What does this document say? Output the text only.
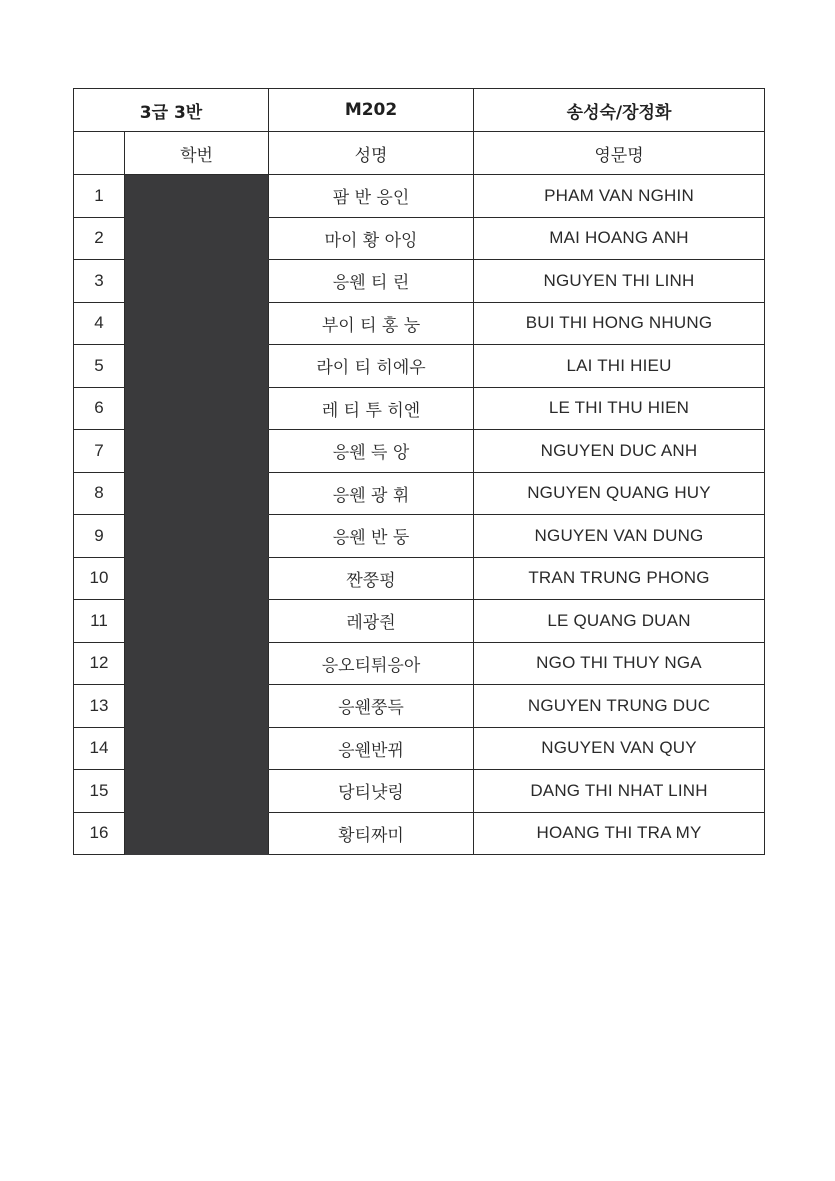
3급 3반		M202	송성숙/장정화
	학번	성명	영문명
1		팜 반 응인	PHAM VAN NGHIN
2		마이 황 아잉	MAI HOANG ANH
3		응웬 티 린	NGUYEN THI LINH
4		부이 티 홍 눙	BUI THI HONG NHUNG
5		라이 티 히에우	LAI THI HIEU
6		레 티 투 히엔	LE THI THU HIEN
7		응웬 득 앙	NGUYEN DUC ANH
8		응웬 광 휘	NGUYEN QUANG HUY
9		응웬 반 둥	NGUYEN VAN DUNG
10		짠쭝펑	TRAN TRUNG PHONG
11		레광줜	LE QUANG DUAN
12		응오티튀응아	NGO THI THUY NGA
13		응웬쭝득	NGUYEN TRUNG DUC
14		응웬반뀌	NGUYEN VAN QUY
15		당티냣링	DANG THI NHAT LINH
16		황티짜미	HOANG THI TRA MY
